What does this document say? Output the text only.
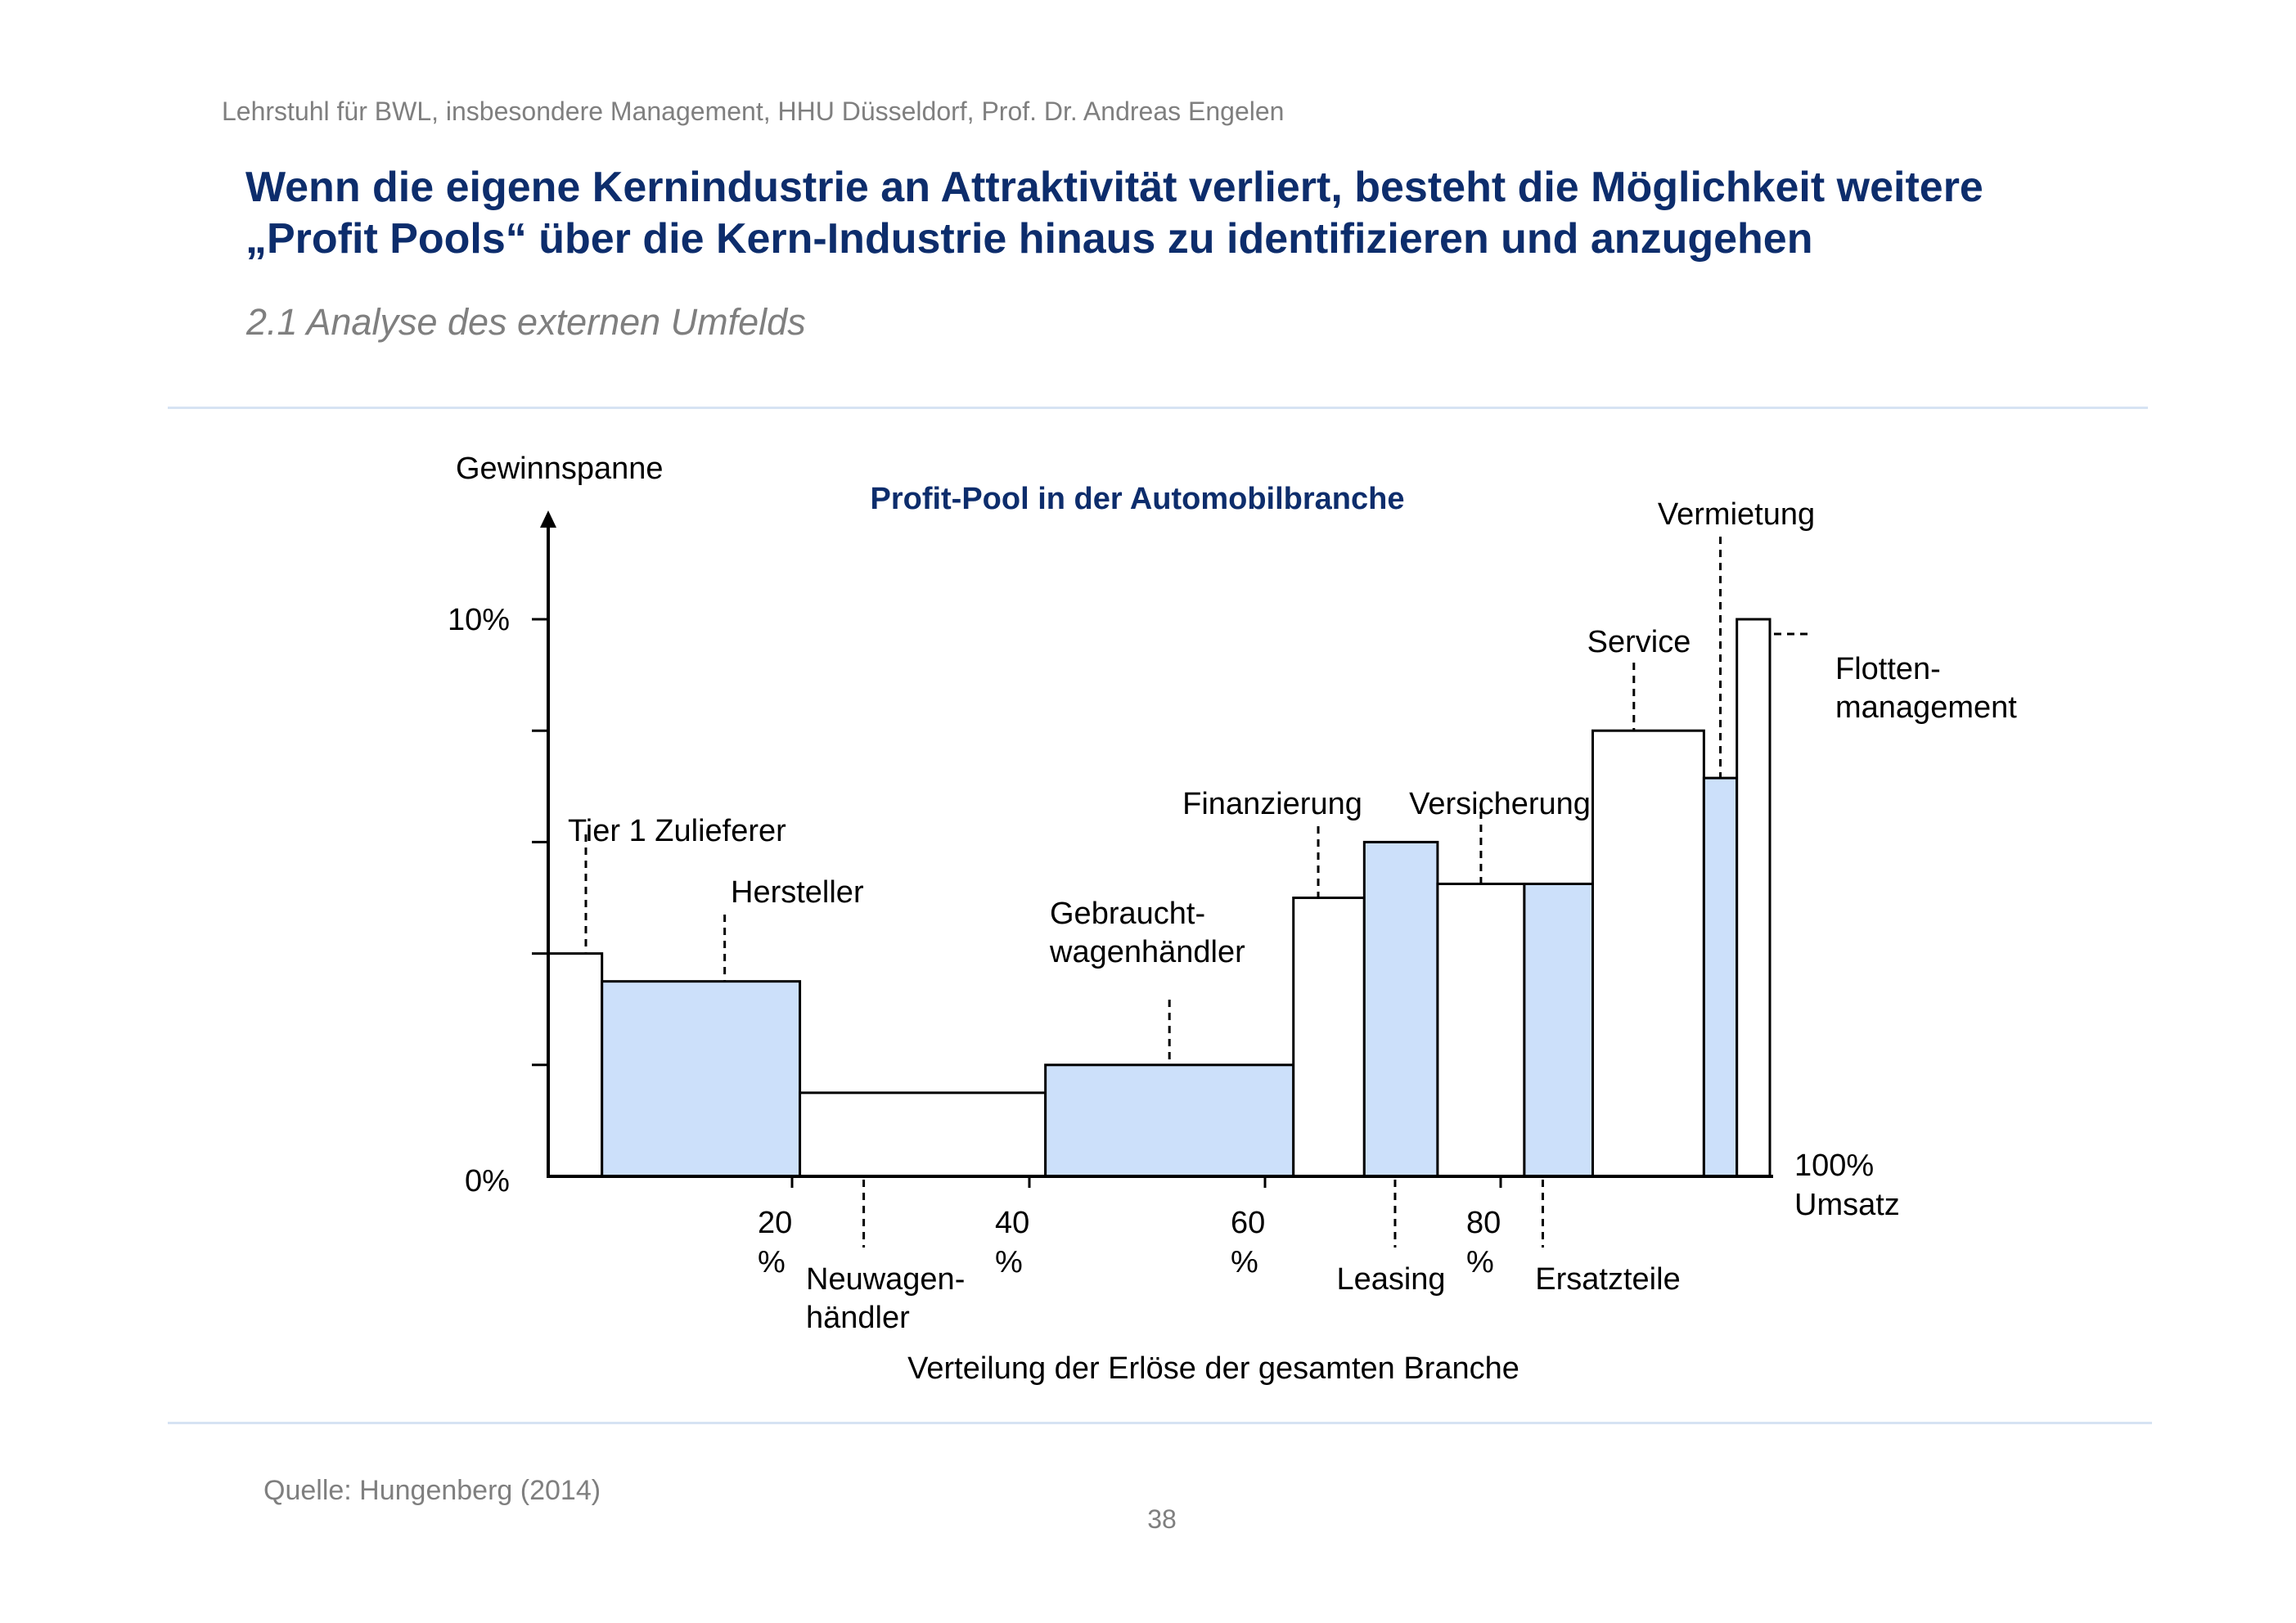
Lehrstuhl für BWL, insbesondere Management, HHU Düsseldorf, Prof. Dr. Andreas Engelen
Wenn die eigene Kernindustrie an Attraktivität verliert, besteht die Möglichkeit weitere
„Profit Pools“ über die Kern-Industrie hinaus zu identifizieren und anzugehen
2.1 Analyse des externen Umfelds
0%
10%
20 %
40 %
60 %
80 %
100% Umsatz
Tier 1 Zulieferer
Hersteller
Neuwagen-händler
Gebraucht-wagenhändler
Finanzierung
Leasing
Versicherung
Ersatzteile
Service
Vermietung
Flotten-management
Profit-Pool in der Automobilbranche
Gewinnspanne
Verteilung der Erlöse der gesamten Branche
Quelle: Hungenberg (2014)
38
